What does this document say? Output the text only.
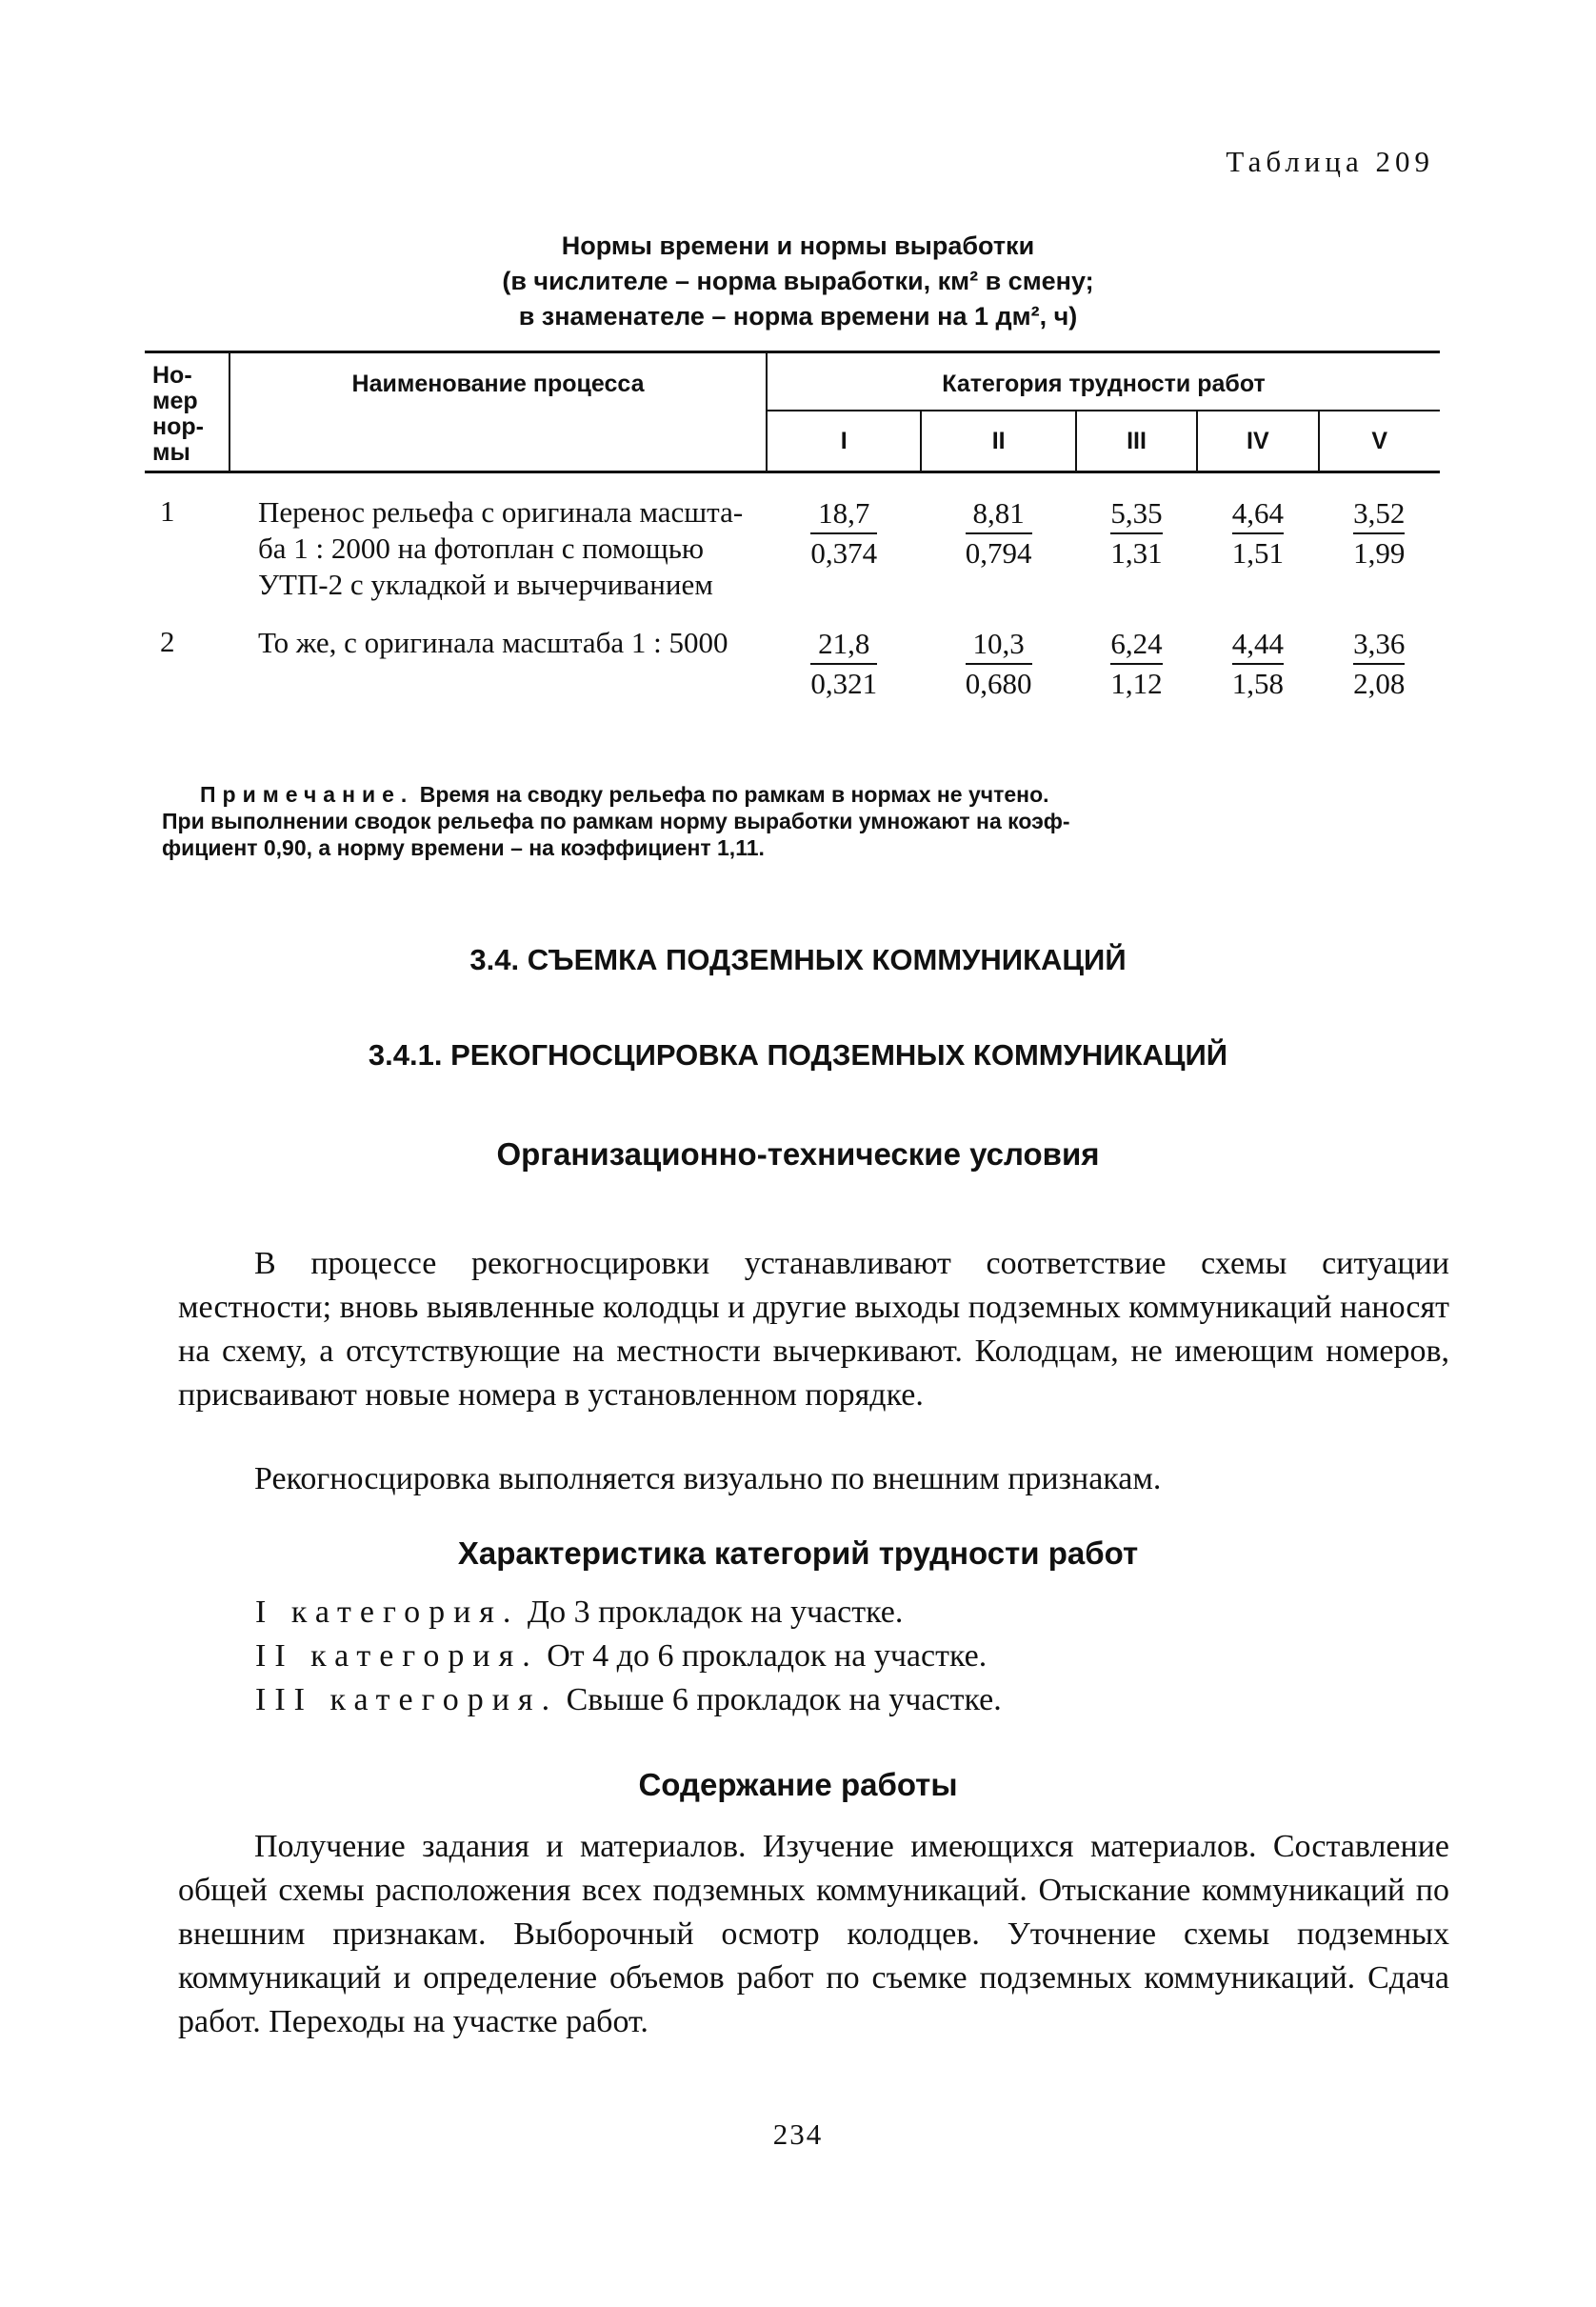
Таблица 209
Нормы времени и нормы выработки
(в числителе – норма выработки, км² в смену;
в знаменателе – норма времени на 1 дм², ч)
Но-
мер
нор-
мы	Наименование процесса	Категория трудности работ				
		I	II	III	IV	V
1	Перенос рельефа с оригинала масшта-ба 1 : 2000 на фотоплан с помощью УТП-2 с укладкой и вычерчиванием	$\frac{18,7}{0,374}$	$\frac{8,81}{0,794}$	$\frac{5,35}{1,31}$	$\frac{4,64}{1,51}$	$\frac{3,52}{1,99}$

2	То же, с оригинала масштаба 1 : 5000	$\frac{21,8}{0,321}$	$\frac{10,3}{0,680}$	$\frac{6,24}{1,12}$	$\frac{4,44}{1,58}$	$\frac{3,36}{2,08}$
Примечание. Время на сводку рельефа по рамкам в нормах не учтено.
При выполнении сводок рельефа по рамкам норму выработки умножают на коэф-
фициент 0,90, а норму времени – на коэффициент 1,11.
3.4. СЪЕМКА ПОДЗЕМНЫХ КОММУНИКАЦИЙ
3.4.1. РЕКОГНОСЦИРОВКА ПОДЗЕМНЫХ КОММУНИКАЦИЙ
Организационно-технические условия

В процессе рекогносцировки устанавливают соответствие схемы ситуации местности; вновь выявленные колодцы и другие выходы подземных коммуникаций наносят на схему, а отсутствующие на местности вычеркивают. Колодцам, не имеющим номеров, присваивают новые номера в установленном порядке.

Рекогносцировка выполняется визуально по внешним признакам.

Характеристика категорий трудности работ
I категория. До 3 прокладок на участке.
II категория. От 4 до 6 прокладок на участке.
III категория. Свыше 6 прокладок на участке.
Содержание работы

Получение задания и материалов. Изучение имеющихся материалов. Составление общей схемы расположения всех подземных коммуникаций. Отыскание коммуникаций по внешним признакам. Выборочный осмотр колодцев. Уточнение схемы подземных коммуникаций и определение объемов работ по съемке подземных коммуникаций. Сдача работ. Переходы на участке работ.

234
